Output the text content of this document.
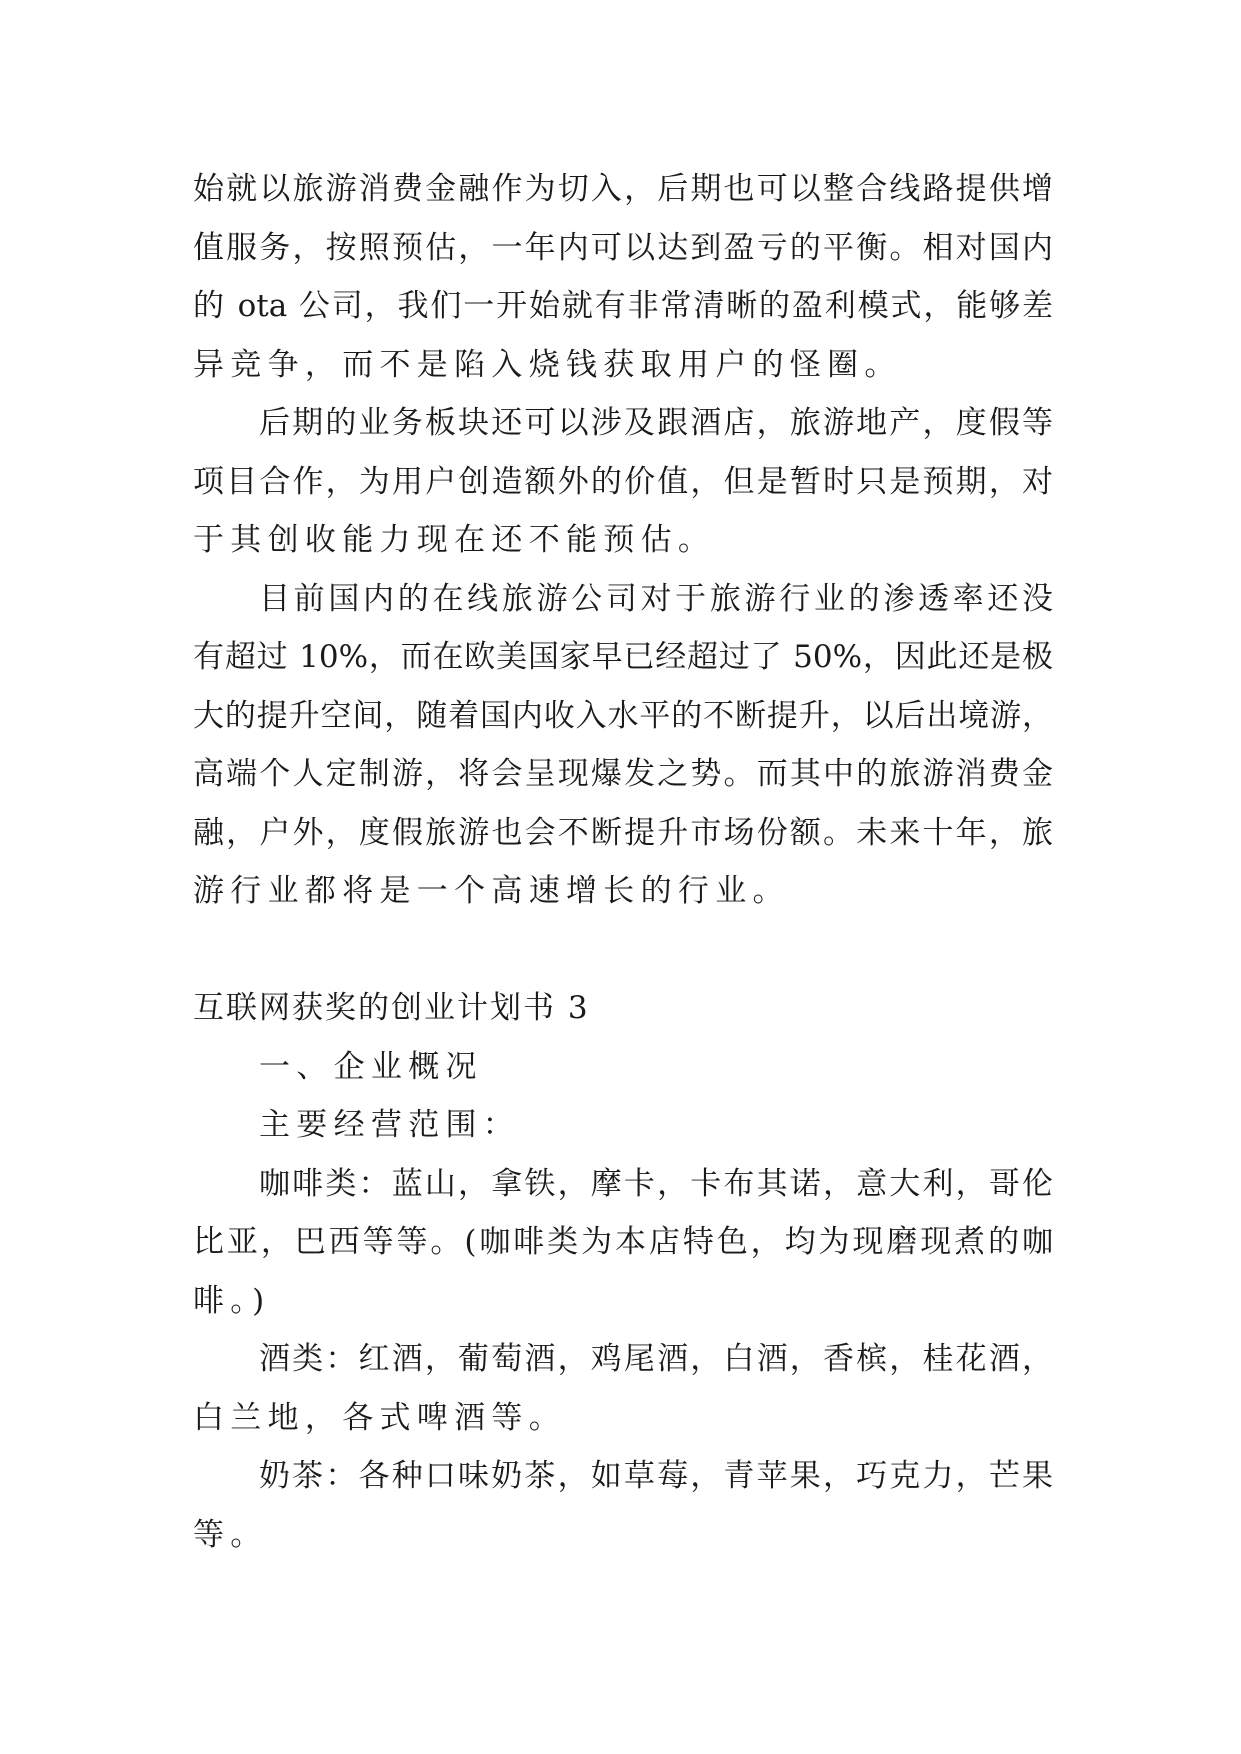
始就以旅游消费金融作为切入，后期也可以整合线路提供增
值服务，按照预估，一年内可以达到盈亏的平衡。相对国内
的 ota 公司，我们一开始就有非常清晰的盈利模式，能够差
异竞争，而不是陷入烧钱获取用户的怪圈。
后期的业务板块还可以涉及跟酒店，旅游地产，度假等
项目合作，为用户创造额外的价值，但是暂时只是预期，对
于其创收能力现在还不能预估。
目前国内的在线旅游公司对于旅游行业的渗透率还没
有超过 10%，而在欧美国家早已经超过了 50%，因此还是极
大的提升空间，随着国内收入水平的不断提升，以后出境游，
高端个人定制游，将会呈现爆发之势。而其中的旅游消费金
融，户外，度假旅游也会不断提升市场份额。未来十年，旅
游行业都将是一个高速增长的行业。
互联网获奖的创业计划书 3
一、企业概况
主要经营范围：
咖啡类：蓝山，拿铁，摩卡，卡布其诺，意大利，哥伦
比亚，巴西等等。(咖啡类为本店特色，均为现磨现煮的咖
啡。)
酒类：红酒，葡萄酒，鸡尾酒，白酒，香槟，桂花酒，
白兰地，各式啤酒等。
奶茶：各种口味奶茶，如草莓，青苹果，巧克力，芒果
等。
